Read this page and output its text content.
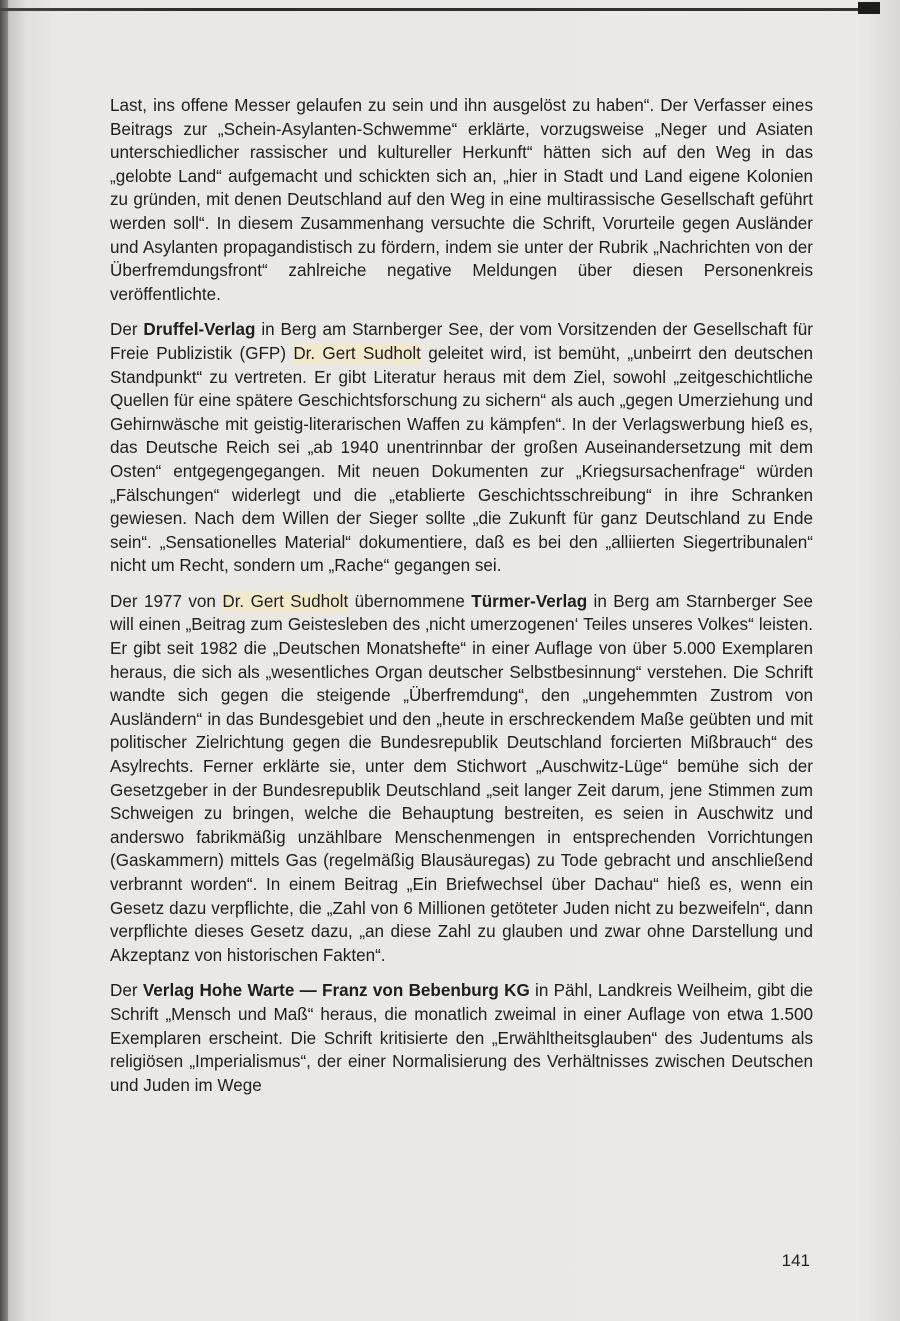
Last, ins offene Messer gelaufen zu sein und ihn ausgelöst zu haben“. Der Verfasser eines Beitrags zur „Schein-Asylanten-Schwemme“ erklärte, vorzugsweise „Neger und Asiaten unterschiedlicher rassischer und kultureller Herkunft“ hätten sich auf den Weg in das „gelobte Land“ aufgemacht und schickten sich an, „hier in Stadt und Land eigene Kolonien zu gründen, mit denen Deutschland auf den Weg in eine multirassische Gesellschaft geführt werden soll“. In diesem Zusammenhang versuchte die Schrift, Vorurteile gegen Ausländer und Asylanten propagandistisch zu fördern, indem sie unter der Rubrik „Nachrichten von der Überfremdungsfront“ zahlreiche negative Meldungen über diesen Personenkreis veröffentlichte.

Der Druffel-Verlag in Berg am Starnberger See, der vom Vorsitzenden der Gesellschaft für Freie Publizistik (GFP) Dr. Gert Sudholt geleitet wird, ist bemüht, „unbeirrt den deutschen Standpunkt“ zu vertreten. Er gibt Literatur heraus mit dem Ziel, sowohl „zeitgeschichtliche Quellen für eine spätere Geschichtsforschung zu sichern“ als auch „gegen Umerziehung und Gehirnwäsche mit geistig-literarischen Waffen zu kämpfen“. In der Verlagswerbung hieß es, das Deutsche Reich sei „ab 1940 unentrinnbar der großen Auseinandersetzung mit dem Osten“ entgegengegangen. Mit neuen Dokumenten zur „Kriegsursachenfrage“ würden „Fälschungen“ widerlegt und die „etablierte Geschichtsschreibung“ in ihre Schranken gewiesen. Nach dem Willen der Sieger sollte „die Zukunft für ganz Deutschland zu Ende sein“. „Sensationelles Material“ dokumentiere, daß es bei den „alliierten Siegertribunalen“ nicht um Recht, sondern um „Rache“ gegangen sei.

Der 1977 von Dr. Gert Sudholt übernommene Türmer-Verlag in Berg am Starnberger See will einen „Beitrag zum Geistesleben des ‚nicht umerzogenen‘ Teiles unseres Volkes“ leisten. Er gibt seit 1982 die „Deutschen Monatshefte“ in einer Auflage von über 5.000 Exemplaren heraus, die sich als „wesentliches Organ deutscher Selbstbesinnung“ verstehen. Die Schrift wandte sich gegen die steigende „Überfremdung“, den „ungehemmten Zustrom von Ausländern“ in das Bundesgebiet und den „heute in erschreckendem Maße geübten und mit politischer Zielrichtung gegen die Bundesrepublik Deutschland forcierten Mißbrauch“ des Asylrechts. Ferner erklärte sie, unter dem Stichwort „Auschwitz-Lüge“ bemühe sich der Gesetzgeber in der Bundesrepublik Deutschland „seit langer Zeit darum, jene Stimmen zum Schweigen zu bringen, welche die Behauptung bestreiten, es seien in Auschwitz und anderswo fabrikmäßig unzählbare Menschenmengen in entsprechenden Vorrichtungen (Gaskammern) mittels Gas (regelmäßig Blausäuregas) zu Tode gebracht und anschließend verbrannt worden“. In einem Beitrag „Ein Briefwechsel über Dachau“ hieß es, wenn ein Gesetz dazu verpflichte, die „Zahl von 6 Millionen getöteter Juden nicht zu bezweifeln“, dann verpflichte dieses Gesetz dazu, „an diese Zahl zu glauben und zwar ohne Darstellung und Akzeptanz von historischen Fakten“.

Der Verlag Hohe Warte — Franz von Bebenburg KG in Pähl, Landkreis Weilheim, gibt die Schrift „Mensch und Maß“ heraus, die monatlich zweimal in einer Auflage von etwa 1.500 Exemplaren erscheint. Die Schrift kritisierte den „Erwähltheitsglauben“ des Judentums als religiösen „Imperialismus“, der einer Normalisierung des Verhältnisses zwischen Deutschen und Juden im Wege

141
